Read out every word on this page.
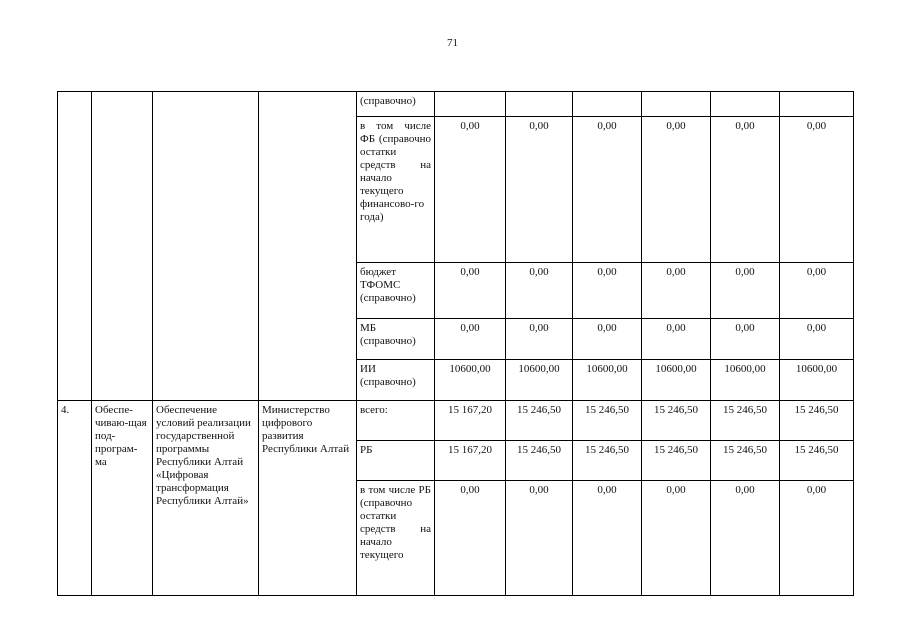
71
				(справочно)						
				в том числе ФБ (справочно остатки средств на начало текущего финансово-го года)	0,00	0,00	0,00	0,00	0,00	0,00
				бюджет ТФОМС (справочно)	0,00	0,00	0,00	0,00	0,00	0,00
				МБ (справочно)	0,00	0,00	0,00	0,00	0,00	0,00
				ИИ (справочно)	10600,00	10600,00	10600,00	10600,00	10600,00	10600,00
4.	Обеспе-чиваю-щая под-програм-ма	Обеспечение условий реализации государственной программы Республики Алтай «Цифровая трансформация Республики Алтай»	Министерство цифрового развития Республики Алтай	всего:	15 167,20	15 246,50	15 246,50	15 246,50	15 246,50	15 246,50
				РБ	15 167,20	15 246,50	15 246,50	15 246,50	15 246,50	15 246,50
				в том числе РБ (справочно остатки средств на начало текущего	0,00	0,00	0,00	0,00	0,00	0,00
